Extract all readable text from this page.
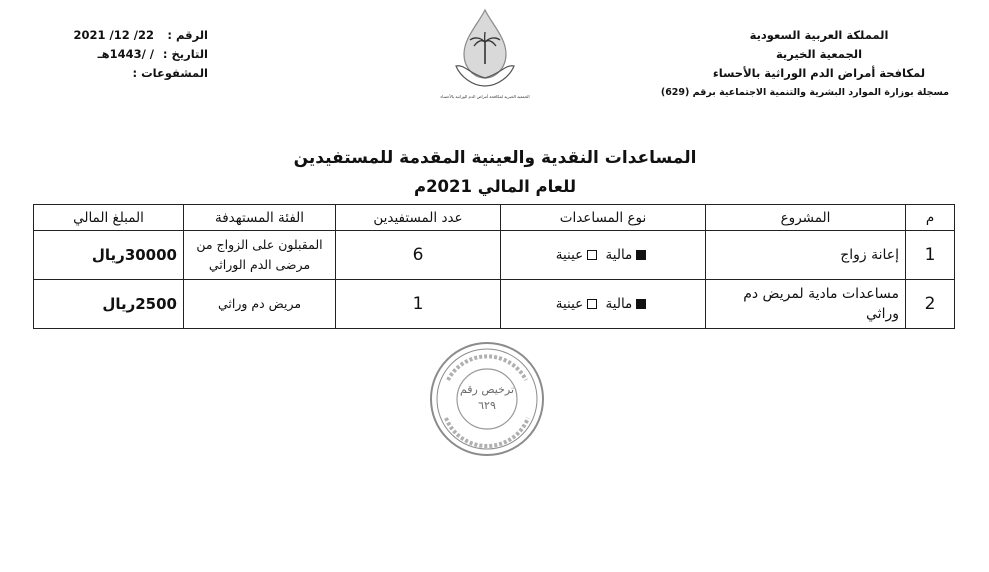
المملكة العربية السعودية
الجمعية الخيرية
لمكافحة أمراض الدم الوراثية بالأحساء
مسجلة بوزارة الموارد البشرية والتنمية الاجتماعية برقم (629)
الجمعية الخيرية لمكافحة أمراض الدم الوراثية بالأحساء
الرقم : 22/ 12/ 2021
التاريخ : / /1443هـ
المشفوعات :
المساعدات النقدية والعينية المقدمة للمستفيدين
للعام المالي 2021م
م	المشروع	نوع المساعدات	عدد المستفيدين	الفئة المستهدفة	المبلغ المالي
1	إعانة زواج	مالية عينية	6	المقبلون على الزواج من
مرضى الدم الوراثي	30000ريال
2	مساعدات مادية لمريض دم
وراثي	مالية عينية	1	مريض دم وراثي	2500ريال
ترخيص رقم
٦٢٩
